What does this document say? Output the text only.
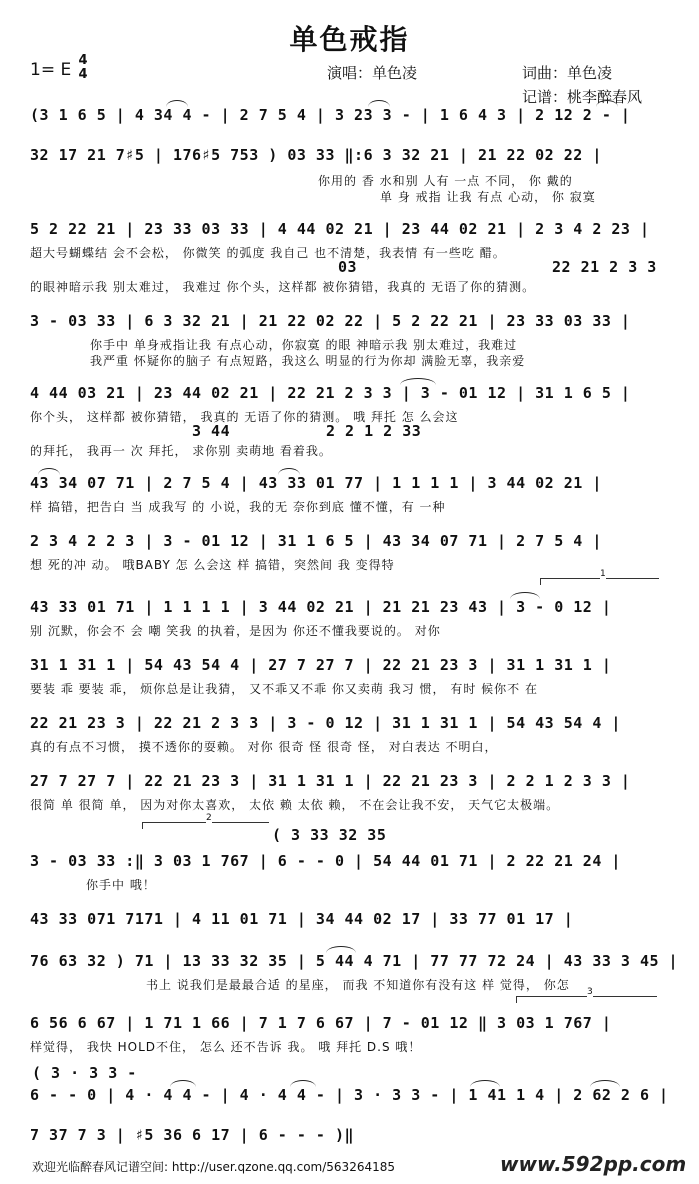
单色戒指
1= E 4
4	演唱：单色凌	词曲：单色凌
记谱：桃李醉春风
(3 1 6 5 | 4 34 4 - | 2 7 5 4 | 3 23 3 - | 1 6 4 3 | 2 12 2 - |
32 17 21 7♯5 | 176♯5 753 ) 03 33 ‖:6 3 32 21 | 21 22 02 22 |
你用的 香 水和别 人有 一点 不同， 你 戴的
单 身 戒指 让我 有点 心动， 你 寂寞
5 2 22 21 | 23 33 03 33 | 4 44 02 21 | 23 44 02 21 | 2 3 4 2 23 |
超大号蝴蝶结 会不会松， 你微笑 的弧度 我自己 也不清楚，我表情 有一些吃 醋。
03	22 21 2 3 3
的眼神暗示我 别太难过， 我难过 你个头，这样都 被你猜错，我真的 无语了你的猜测。
3 - 03 33 | 6 3 32 21 | 21 22 02 22 | 5 2 22 21 | 23 33 03 33 |
你手中 单身戒指让我 有点心动，你寂寞 的眼 神暗示我 别太难过，我难过
我严重 怀疑你的脑子 有点短路，我这么 明显的行为你却 满脸无辜，我亲爱
4 44 03 21 | 23 44 02 21 | 22 21 2 3 3 | 3 - 01 12 | 31 1 6 5 |
你个头， 这样都 被你猜错， 我真的 无语了你的猜测。 哦 拜托 怎 么会这
3 44	2 2 1 2 33
的拜托， 我再一 次 拜托， 求你别 卖萌地 看着我。
43 34 07 71 | 2 7 5 4 | 43 33 01 77 | 1 1 1 1 | 3 44 02 21 |
样 搞错，把告白 当 成我写 的 小说，我的无 奈你到底 懂不懂，有 一种
2 3 4 2 2 3 | 3 - 01 12 | 31 1 6 5 | 43 34 07 71 | 2 7 5 4 |
想 死的冲 动。 哦BABY 怎 么会这 样 搞错，突然间 我 变得特
43 33 01 71 | 1 1 1 1 | 3 44 02 21 | 21 21 23 43 | 3 - 0 12 |
别 沉默，你会不 会 嘲 笑我 的执着，是因为 你还不懂我要说的。 对你
31 1 31 1 | 54 43 54 4 | 27 7 27 7 | 22 21 23 3 | 31 1 31 1 |
要装 乖 要装 乖， 烦你总是让我猜， 又不乖又不乖 你又卖萌 我习 惯， 有时 候你不 在
22 21 23 3 | 22 21 2 3 3 | 3 - 0 12 | 31 1 31 1 | 54 43 54 4 |
真的有点不习惯， 摸不透你的耍赖。 对你 很奇 怪 很奇 怪， 对白表达 不明白，
27 7 27 7 | 22 21 23 3 | 31 1 31 1 | 22 21 23 3 | 2 2 1 2 3 3 |
很简 单 很简 单， 因为对你太喜欢， 太依 赖 太依 赖， 不在会让我不安， 天气它太极端。
( 3 33 32 35
3 - 03 33 :‖ 3 03 1 767 | 6 - - 0 | 54 44 01 71 | 2 22 21 24 |
你手中 哦！
43 33 071 7171 | 4 11 01 71 | 34 44 02 17 | 33 77 01 17 |
76 63 32 ) 71 | 13 33 32 35 | 5 44 4 71 | 77 77 72 24 | 43 33 3 45 |
书上 说我们是最最合适 的星座， 而我 不知道你有没有这 样 觉得， 你怎
6 56 6 67 | 1 71 1 66 | 7 1 7 6 67 | 7 - 01 12 ‖ 3 03 1 767 |
样觉得， 我快 HOLD不住， 怎么 还不告诉 我。 哦 拜托 D.S 哦！
( 3 · 3 3 -
6 - - 0 | 4 · 4 4 - | 4 · 4 4 - | 3 · 3 3 - | 1 41 1 4 | 2 62 2 6 |
7 37 7 3 | ♯5 36 6 17 | 6 - - - )‖
1
2
3
欢迎光临醉春风记谱空间: http://user.qzone.qq.com/563264185	www.592pp.com
